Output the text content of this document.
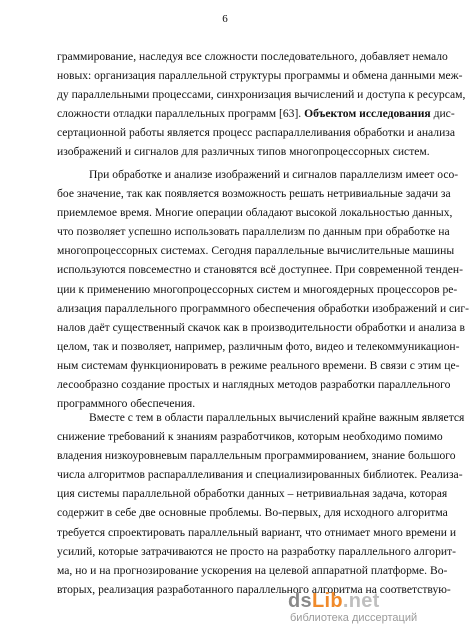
6
граммирование, наследуя все сложности последовательного, добавляет немало
новых: организация параллельной структуры программы и обмена данными меж-
ду параллельными процессами, синхронизация вычислений и доступа к ресурсам,
сложности отладки параллельных программ [63]. Объектом исследования дис-
сертационной работы является процесс распараллеливания обработки и анализа
изображений и сигналов для различных типов многопроцессорных систем.
При обработке и анализе изображений и сигналов параллелизм имеет осо-
бое значение, так как появляется возможность решать нетривиальные задачи за
приемлемое время. Многие операции обладают высокой локальностью данных,
что позволяет успешно использовать параллелизм по данным при обработке на
многопроцессорных системах. Сегодня параллельные вычислительные машины
используются повсеместно и становятся всё доступнее. При современной тенден-
ции к применению многопроцессорных систем и многоядерных процессоров ре-
ализация параллельного программного обеспечения обработки изображений и сиг-
налов даёт существенный скачок как в производительности обработки и анализа в
целом, так и позволяет, например, различным фото, видео и телекоммуникацион-
ным системам функционировать в режиме реального времени. В связи с этим це-
лесообразно создание простых и наглядных методов разработки параллельного
программного обеспечения.
Вместе с тем в области параллельных вычислений крайне важным является
снижение требований к знаниям разработчиков, которым необходимо помимо
владения низкоуровневым параллельным программированием, знание большого
числа алгоритмов распараллеливания и специализированных библиотек. Реализа-
ция системы параллельной обработки данных – нетривиальная задача, которая
содержит в себе две основные проблемы. Во-первых, для исходного алгоритма
требуется спроектировать параллельный вариант, что отнимает много времени и
усилий, которые затрачиваются не просто на разработку параллельного алгорит-
ма, но и на прогнозирование ускорения на целевой аппаратной платформе. Во-
вторых, реализация разработанного параллельного алгоритма на соответствую-
dsLib.net
библиотека диссертаций
